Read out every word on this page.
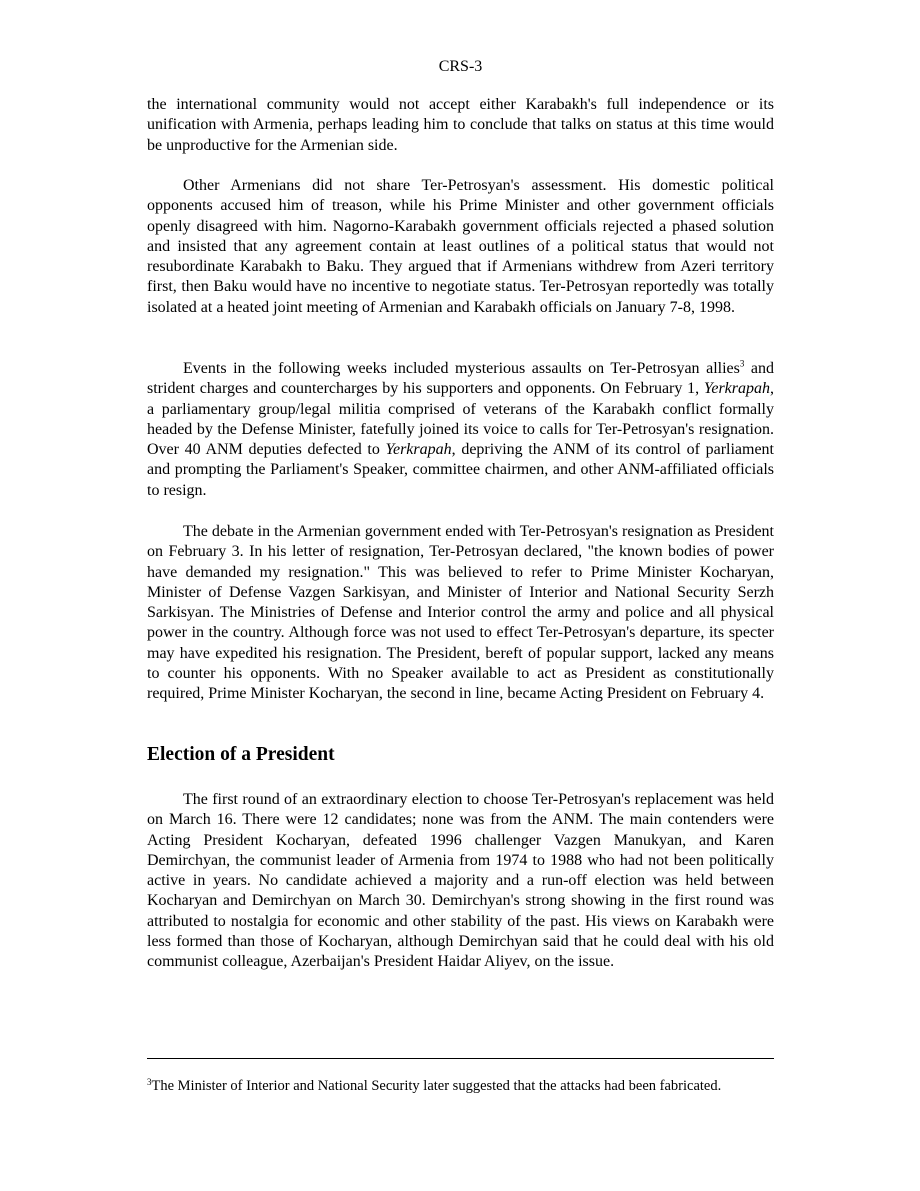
CRS-3

the international community would not accept either Karabakh's full independence or its unification with Armenia, perhaps leading him to conclude that talks on status at this time would be unproductive for the Armenian side.

Other Armenians did not share Ter-Petrosyan's assessment. His domestic political opponents accused him of treason, while his Prime Minister and other government officials openly disagreed with him. Nagorno-Karabakh government officials rejected a phased solution and insisted that any agreement contain at least outlines of a political status that would not resubordinate Karabakh to Baku. They argued that if Armenians withdrew from Azeri territory first, then Baku would have no incentive to negotiate status. Ter-Petrosyan reportedly was totally isolated at a heated joint meeting of Armenian and Karabakh officials on January 7-8, 1998.

Events in the following weeks included mysterious assaults on Ter-Petrosyan allies$^3$ and strident charges and countercharges by his supporters and opponents. On February 1, Yerkrapah, a parliamentary group/legal militia comprised of veterans of the Karabakh conflict formally headed by the Defense Minister, fatefully joined its voice to calls for Ter-Petrosyan's resignation. Over 40 ANM deputies defected to Yerkrapah, depriving the ANM of its control of parliament and prompting the Parliament's Speaker, committee chairmen, and other ANM-affiliated officials to resign.

The debate in the Armenian government ended with Ter-Petrosyan's resignation as President on February 3. In his letter of resignation, Ter-Petrosyan declared, "the known bodies of power have demanded my resignation." This was believed to refer to Prime Minister Kocharyan, Minister of Defense Vazgen Sarkisyan, and Minister of Interior and National Security Serzh Sarkisyan. The Ministries of Defense and Interior control the army and police and all physical power in the country. Although force was not used to effect Ter-Petrosyan's departure, its specter may have expedited his resignation. The President, bereft of popular support, lacked any means to counter his opponents. With no Speaker available to act as President as constitutionally required, Prime Minister Kocharyan, the second in line, became Acting President on February 4.

Election of a President

The first round of an extraordinary election to choose Ter-Petrosyan's replacement was held on March 16. There were 12 candidates; none was from the ANM. The main contenders were Acting President Kocharyan, defeated 1996 challenger Vazgen Manukyan, and Karen Demirchyan, the communist leader of Armenia from 1974 to 1988 who had not been politically active in years. No candidate achieved a majority and a run-off election was held between Kocharyan and Demirchyan on March 30. Demirchyan's strong showing in the first round was attributed to nostalgia for economic and other stability of the past. His views on Karabakh were less formed than those of Kocharyan, although Demirchyan said that he could deal with his old communist colleague, Azerbaijan's President Haidar Aliyev, on the issue.

$^3$The Minister of Interior and National Security later suggested that the attacks had been fabricated.
